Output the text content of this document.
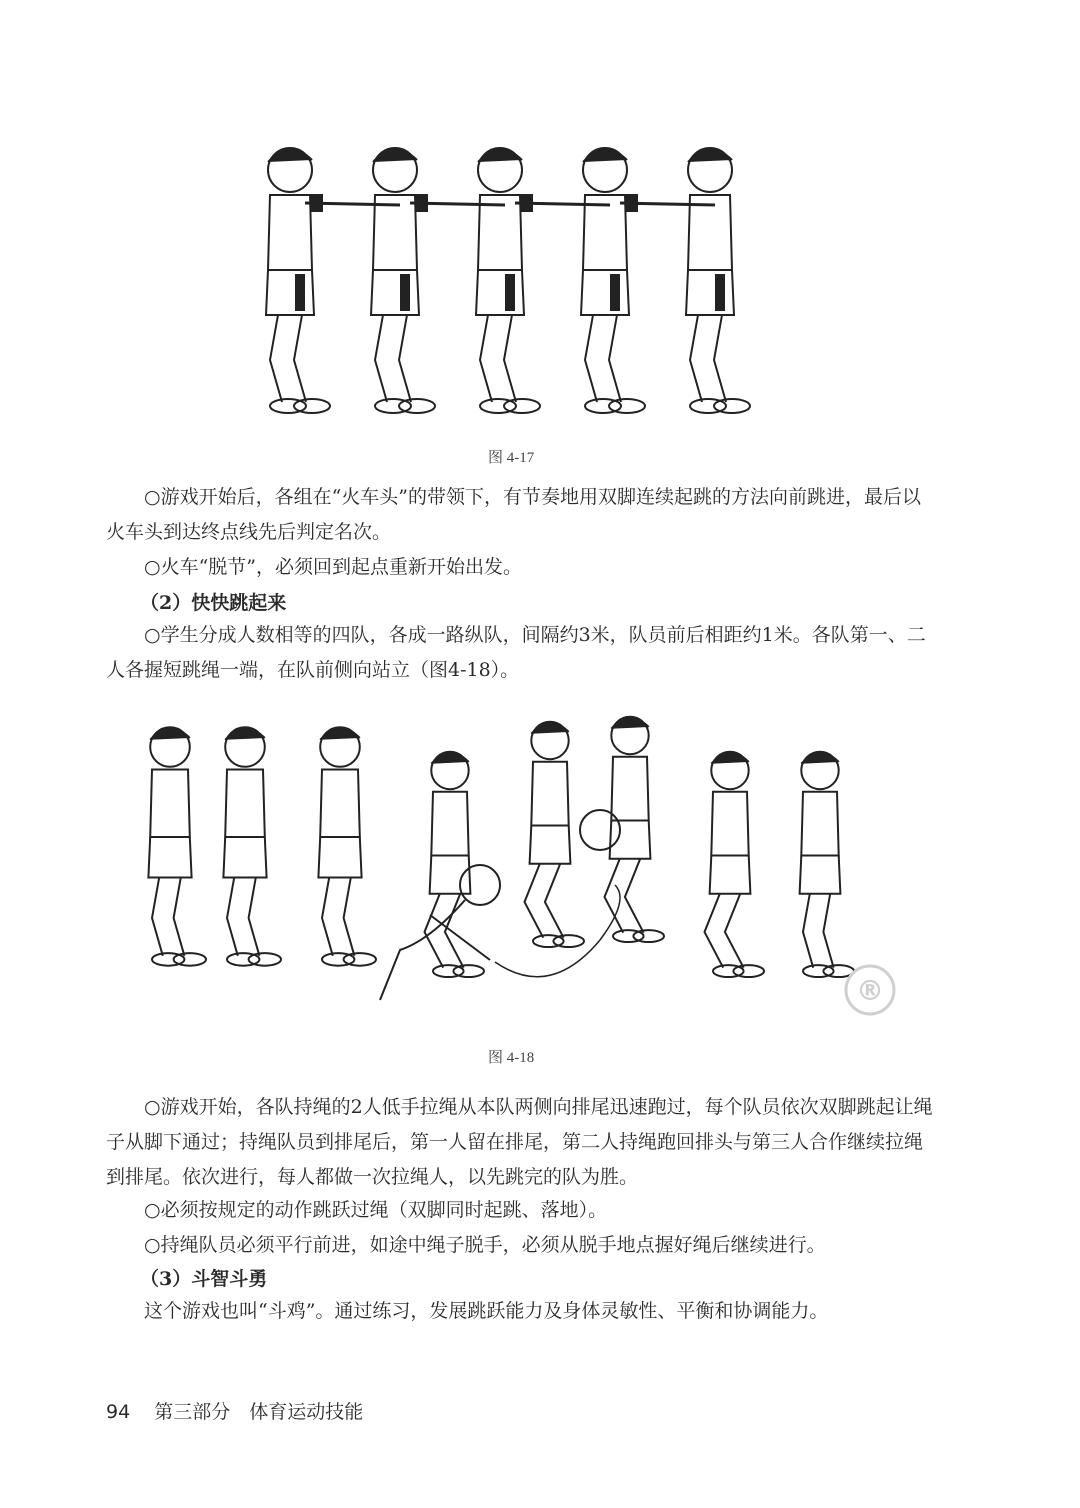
图 4-17

○游戏开始后，各组在“火车头”的带领下，有节奏地用双脚连续起跳的方法向前跳进，最后以火车头到达终点线先后判定名次。

○火车“脱节”，必须回到起点重新开始出发。

（2）快快跳起来

○学生分成人数相等的四队，各成一路纵队，间隔约3米，队员前后相距约1米。各队第一、二人各握短跳绳一端，在队前侧向站立（图4-18）。

图 4-18
®

○游戏开始，各队持绳的2人低手拉绳从本队两侧向排尾迅速跑过，每个队员依次双脚跳起让绳子从脚下通过；持绳队员到排尾后，第一人留在排尾，第二人持绳跑回排头与第三人合作继续拉绳到排尾。依次进行，每人都做一次拉绳人，以先跳完的队为胜。

○必须按规定的动作跳跃过绳（双脚同时起跳、落地）。

○持绳队员必须平行前进，如途中绳子脱手，必须从脱手地点握好绳后继续进行。

（3）斗智斗勇

这个游戏也叫“斗鸡”。通过练习，发展跳跃能力及身体灵敏性、平衡和协调能力。

94 第三部分　体育运动技能
